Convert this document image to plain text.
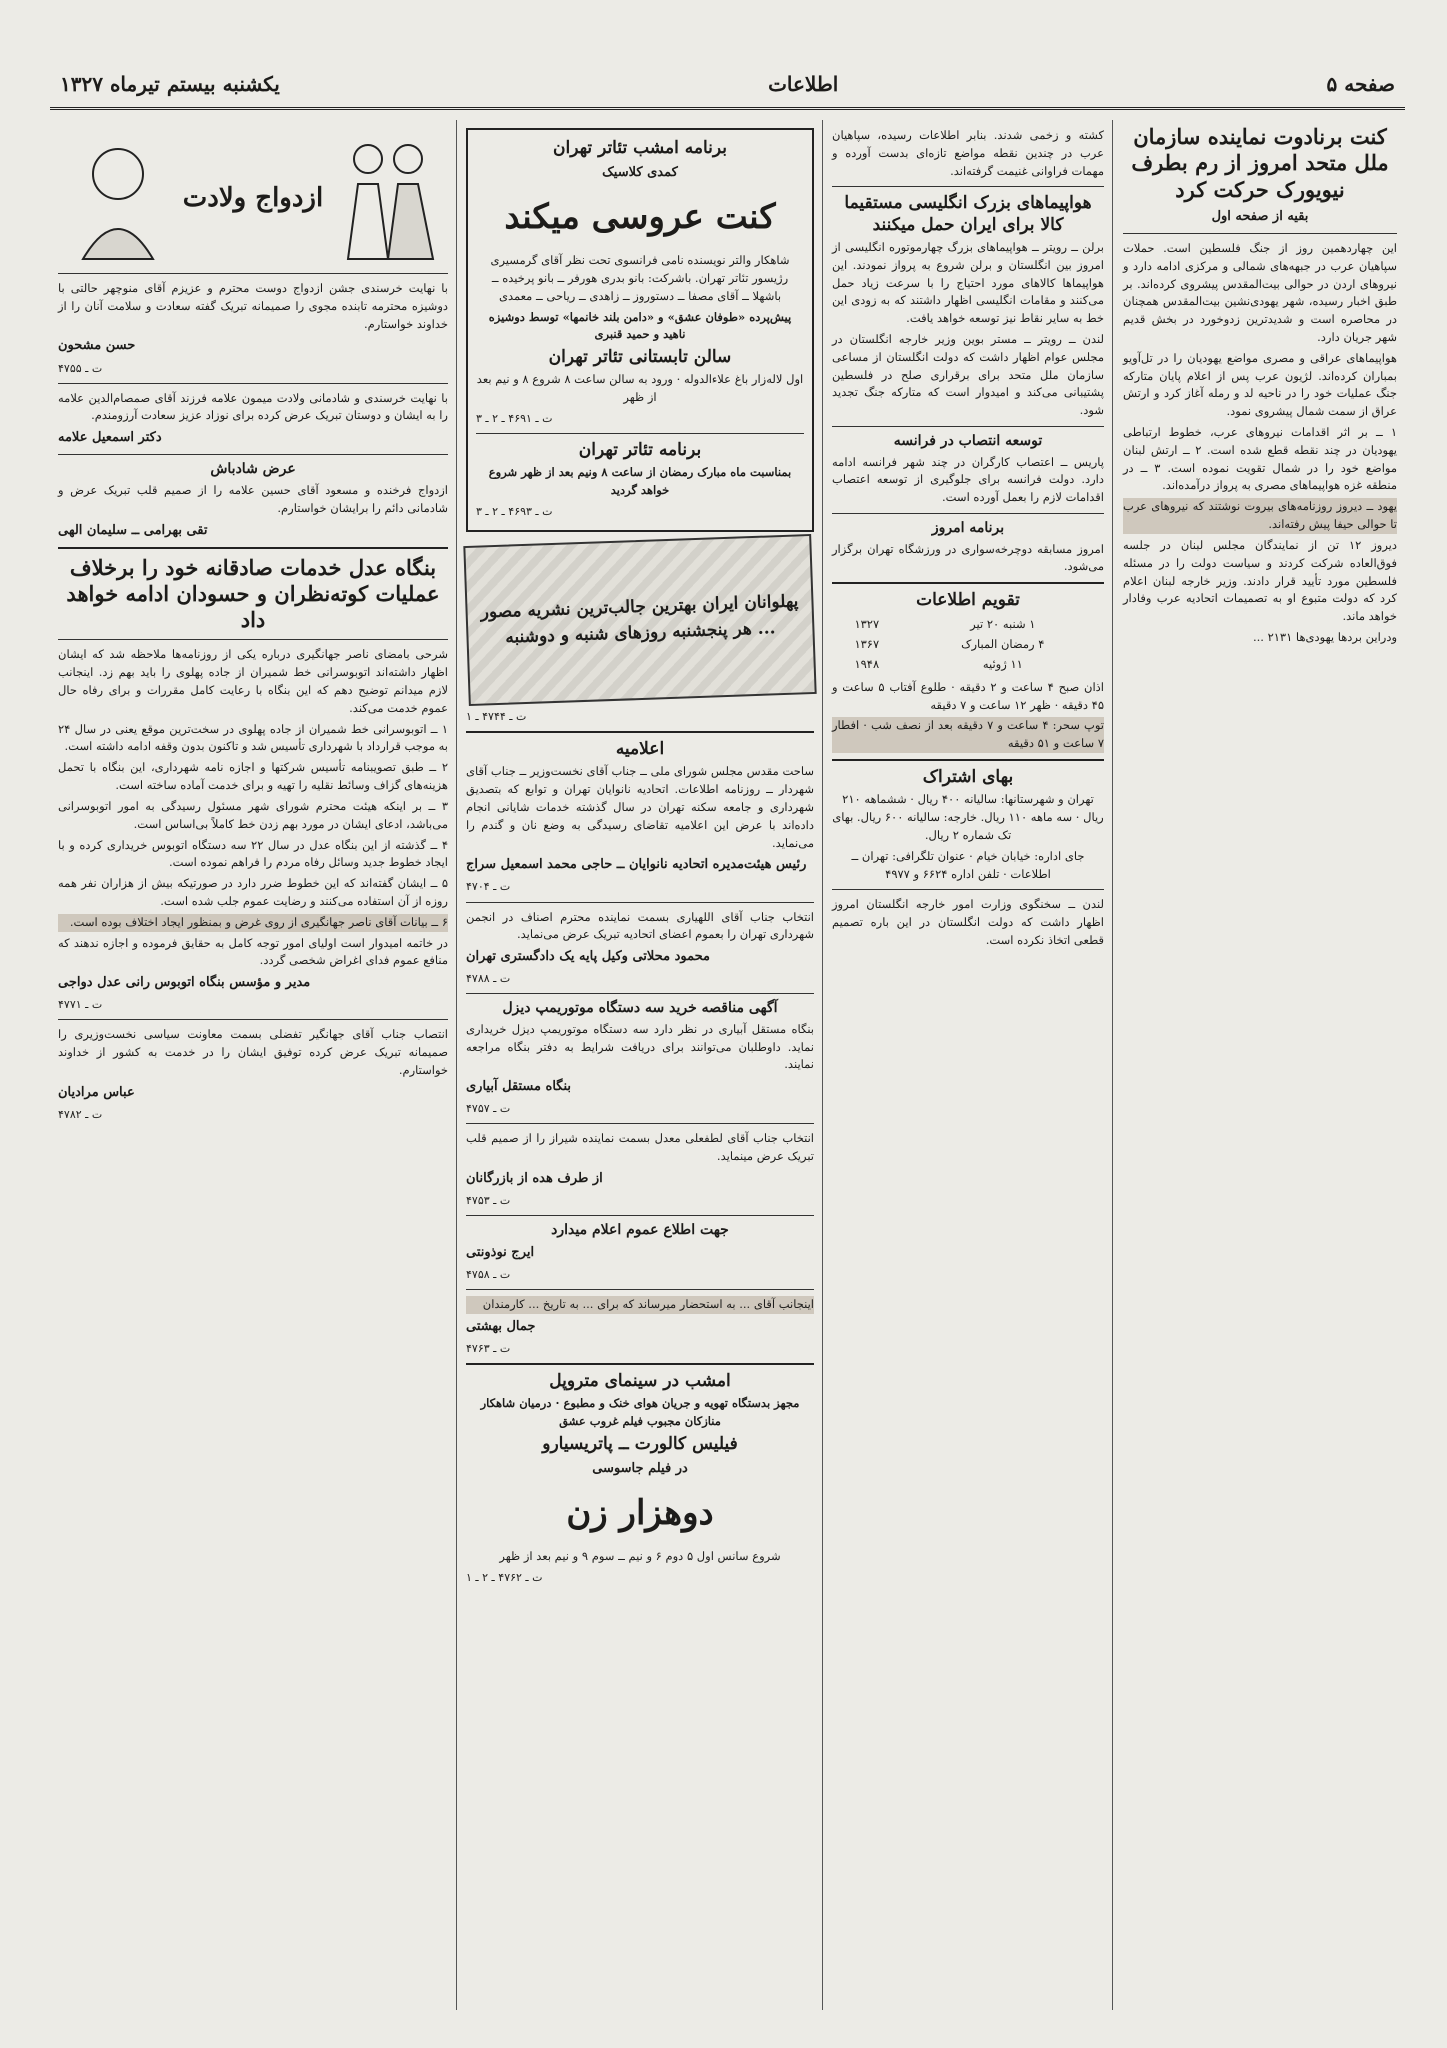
صفحه ۵
اطلاعات
یکشنبه بیستم تیرماه ۱۳۲۷
کنت برنادوت نماینده سازمان ملل متحد امروز از رم بطرف نیویورک حرکت کرد
بقیه از صفحه اول

این چهاردهمین روز از جنگ فلسطین است. حملات سپاهیان عرب در جبهه‌های شمالی و مرکزی ادامه دارد و نیروهای اردن در حوالی بیت‌المقدس پیشروی کرده‌اند. بر طبق اخبار رسیده، شهر یهودی‌نشین بیت‌المقدس همچنان در محاصره است و شدیدترین زدوخورد در بخش قدیم شهر جریان دارد.

هواپیماهای عراقی و مصری مواضع یهودیان را در تل‌آویو بمباران کرده‌اند. لژیون عرب پس از اعلام پایان متارکه جنگ عملیات خود را در ناحیه لد و رمله آغاز کرد و ارتش عراق از سمت شمال پیشروی نمود.

۱ ــ بر اثر اقدامات نیروهای عرب، خطوط ارتباطی یهودیان در چند نقطه قطع شده است. ۲ ــ ارتش لبنان مواضع خود را در شمال تقویت نموده است. ۳ ــ در منطقه غزه هواپیماهای مصری به پرواز درآمده‌اند.

یهود ــ دیروز روزنامه‌های بیروت نوشتند که نیروهای عرب تا حوالی حیفا پیش رفته‌اند.

دیروز ۱۲ تن از نمایندگان مجلس لبنان در جلسه فوق‌العاده شرکت کردند و سیاست دولت را در مسئله فلسطین مورد تأیید قرار دادند. وزیر خارجه لبنان اعلام کرد که دولت متبوع او به تصمیمات اتحادیه عرب وفادار خواهد ماند.

ودراین بردها یهودی‌ها ۲۱۳۱ ...

کشته و زخمی شدند. بنابر اطلاعات رسیده، سپاهیان عرب در چندین نقطه مواضع تازه‌ای بدست آورده و مهمات فراوانی غنیمت گرفته‌اند.

هواپیماهای بزرک انگلیسی مستقیما کالا برای ایران حمل میکنند

برلن ــ رویتر ــ هواپیماهای بزرگ چهارموتوره انگلیسی از امروز بین انگلستان و برلن شروع به پرواز نمودند. این هواپیماها کالاهای مورد احتیاج را با سرعت زیاد حمل می‌کنند و مقامات انگلیسی اظهار داشتند که به زودی این خط به سایر نقاط نیز توسعه خواهد یافت.

لندن ــ رویتر ــ مستر بوین وزیر خارجه انگلستان در مجلس عوام اظهار داشت که دولت انگلستان از مساعی سازمان ملل متحد برای برقراری صلح در فلسطین پشتیبانی می‌کند و امیدوار است که متارکه جنگ تجدید شود.

توسعه انتصاب در فرانسه

پاریس ــ اعتصاب کارگران در چند شهر فرانسه ادامه دارد. دولت فرانسه برای جلوگیری از توسعه اعتصاب اقدامات لازم را بعمل آورده است.

برنامه امروز

امروز مسابقه دوچرخه‌سواری در ورزشگاه تهران برگزار می‌شود.

تقویم اطلاعات
۱ شنبه ۲۰ تیر	۱۳۲۷
۴ رمضان المبارک	۱۳۶۷
۱۱ ژوئیه	۱۹۴۸

اذان صبح ۴ ساعت و ۲ دقیقه · طلوع آفتاب ۵ ساعت و ۴۵ دقیقه · ظهر ۱۲ ساعت و ۷ دقیقه

توپ سحر: ۴ ساعت و ۷ دقیقه بعد از نصف شب · افطار ۷ ساعت و ۵۱ دقیقه

بهای اشتراک

تهران و شهرستانها: سالیانه ۴۰۰ ریال · ششماهه ۲۱۰ ریال · سه ماهه ۱۱۰ ریال. خارجه: سالیانه ۶۰۰ ریال. بهای تک شماره ۲ ریال.

جای اداره: خیابان خیام · عنوان تلگرافی: تهران ــ اطلاعات · تلفن اداره ۶۶۲۴ و ۴۹۷۷

لندن ــ سخنگوی وزارت امور خارجه انگلستان امروز اظهار داشت که دولت انگلستان در این باره تصمیم قطعی اتخاذ نکرده است.

برنامه امشب تئاتر تهران
کمدی کلاسیک
کنت عروسی میکند

شاهکار والتر نویسنده نامی فرانسوی تحت نظر آقای گرمسیری رژیسور تئاتر تهران. باشرکت: بانو بدری هورفر ــ بانو پرخیده ــ باشهلا ــ آقای مصفا ــ دستوروز ــ زاهدی ــ ریاحی ــ معمدی

پیش‌پرده «طوفان عشق» و «دامن بلند خانمها» توسط دوشیزه ناهید و حمید قنبری

سالن تابستانی تئاتر تهران

اول لاله‌زار باغ علاءالدوله · ورود به سالن ساعت ۸ شروع ۸ و نیم بعد از ظهر

ت ـ ۴۶۹۱ ـ ۲ ـ ۳
برنامه تئاتر تهران

بمناسبت ماه مبارک رمضان از ساعت ۸ ونیم بعد از ظهر شروع خواهد گردید

ت ـ ۴۶۹۳ ـ ۲ ـ ۳
پهلوانان ایران بهترین جالب‌ترین نشریه مصور ... هر پنجشنبه روزهای شنبه و دوشنبه
ت ـ ۴۷۴۴ ـ ۱
اعلامیه

ساحت مقدس مجلس شورای ملی ــ جناب آقای نخست‌وزیر ــ جناب آقای شهردار ــ روزنامه اطلاعات. اتحادیه نانوایان تهران و توابع که بتصدیق شهرداری و جامعه سکنه تهران در سال گذشته خدمات شایانی انجام داده‌اند با عرض این اعلامیه تقاضای رسیدگی به وضع نان و گندم را می‌نماید.

رئیس هیئت‌مدیره اتحادیه نانوایان ــ حاجی محمد اسمعیل سراج
ت ـ ۴۷۰۴

انتخاب جناب آقای اللهیاری بسمت نماینده محترم اصناف در انجمن شهرداری تهران را بعموم اعضای اتحادیه تبریک عرض می‌نماید.

محمود محلاتی وکیل پایه یک دادگستری تهران
ت ـ ۴۷۸۸
آگهی مناقصه خرید سه دستگاه موتوریمپ دیزل

بنگاه مستقل آبیاری در نظر دارد سه دستگاه موتوریمپ دیزل خریداری نماید. داوطلبان می‌توانند برای دریافت شرایط به دفتر بنگاه مراجعه نمایند.

بنگاه مستقل آبیاری
ت ـ ۴۷۵۷

انتخاب جناب آقای لطفعلی معدل بسمت نماینده شیراز را از صمیم قلب تبریک عرض مینماید.

از طرف هده از بازرگانان
ت ـ ۴۷۵۳
جهت اطلاع عموم اعلام میدارد
ایرج نوذونتی
ت ـ ۴۷۵۸

اینجانب آقای ... به استحضار میرساند که برای ... به تاریخ ... کارمندان

جمال بهشتی
ت ـ ۴۷۶۳
امشب در سینمای متروپل

مجهز بدستگاه تهویه و جریان هوای خنک و مطبوع · درمیان شاهکار منازکان مجبوب فیلم غروب عشق

فیلیس کالورت ــ پاتریسیارو
در فیلم جاسوسی
دوهزار زن

شروع سانس اول ۵ دوم ۶ و نیم ــ سوم ۹ و نیم بعد از ظهر

ت ـ ۴۷۶۲ ـ ۲ ـ ۱
ازدواج ولادت

با نهایت خرسندی جشن ازدواج دوست محترم و عزیزم آقای منوچهر حالتی با دوشیزه محترمه تابنده مجوی را صمیمانه تبریک گفته سعادت و سلامت آنان را از خداوند خواستارم.

حسن مشحون
ت ـ ۴۷۵۵

با نهایت خرسندی و شادمانی ولادت میمون علامه فرزند آقای صمصام‌الدین علامه را به ایشان و دوستان تبریک عرض کرده برای نوزاد عزیز سعادت آرزومندم.

دکتر اسمعیل علامه
عرض شادباش

ازدواج فرخنده و مسعود آقای حسین علامه را از صمیم قلب تبریک عرض و شادمانی دائم را برایشان خواستارم.

تقی بهرامی ــ سلیمان الهی
بنگاه عدل خدمات صادقانه خود را برخلاف عملیات کوته‌نظران و حسودان ادامه خواهد داد

شرحی بامضای ناصر جهانگیری درباره یکی از روزنامه‌ها ملاحظه شد که ایشان اظهار داشته‌اند اتوبوسرانی خط شمیران از جاده پهلوی را باید بهم زد. اینجانب لازم میدانم توضیح دهم که این بنگاه با رعایت کامل مقررات و برای رفاه حال عموم خدمت می‌کند.

۱ ــ اتوبوسرانی خط شمیران از جاده پهلوی در سخت‌ترین موقع یعنی در سال ۲۴ به موجب قرارداد با شهرداری تأسیس شد و تاکنون بدون وقفه ادامه داشته است.

۲ ــ طبق تصویبنامه تأسیس شرکتها و اجازه نامه شهرداری، این بنگاه با تحمل هزینه‌های گزاف وسائط نقلیه را تهیه و برای خدمت آماده ساخته است.

۳ ــ بر اینکه هیئت محترم شورای شهر مسئول رسیدگی به امور اتوبوسرانی می‌باشد، ادعای ایشان در مورد بهم زدن خط کاملاً بی‌اساس است.

۴ ــ گذشته از این بنگاه عدل در سال ۲۲ سه دستگاه اتوبوس خریداری کرده و با ایجاد خطوط جدید وسائل رفاه مردم را فراهم نموده است.

۵ ــ ایشان گفته‌اند که این خطوط ضرر دارد در صورتیکه بیش از هزاران نفر همه روزه از آن استفاده می‌کنند و رضایت عموم جلب شده است.

۶ ــ بیانات آقای ناصر جهانگیری از روی غرض و بمنظور ایجاد اختلاف بوده است.

در خاتمه امیدوار است اولیای امور توجه کامل به حقایق فرموده و اجازه ندهند که منافع عموم فدای اغراض شخصی گردد.

مدیر و مؤسس بنگاه اتوبوس رانی عدل دواجی
ت ـ ۴۷۷۱

انتصاب جناب آقای جهانگیر تفضلی بسمت معاونت سیاسی نخست‌وزیری را صمیمانه تبریک عرض کرده توفیق ایشان را در خدمت به کشور از خداوند خواستارم.

عباس مرادیان
ت ـ ۴۷۸۲
